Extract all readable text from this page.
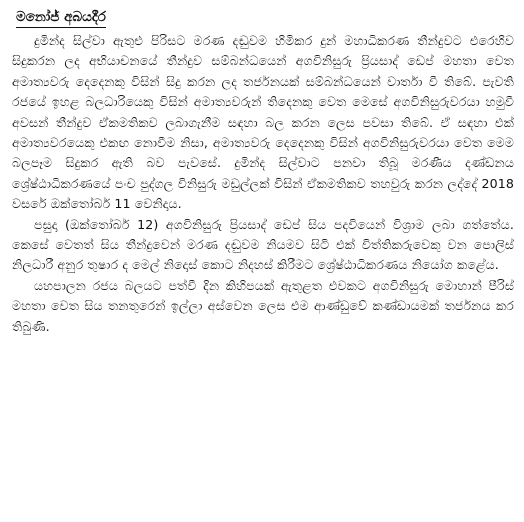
මනෝජ් අබයදීර

දුමින්ද සිල්වා ඇතුළු පිරිසට මරණ දඬුවම හිමිකර දුන් මහාධිකරණ තීන්දුවට එරෙහිව සිදුකරන ලද අභියාචනයේ තීන්දුව සම්බන්ධයෙන් අගවිනිසුරු ප්‍රියසාද් ඩෙප් මහතා වෙත අමාත්‍යවරු දෙදෙනකු විසින් සිදු කරන ලද තර්ජනයක් සම්බන්ධයෙන් වාර්තා වී තිබේ. පැවති රජයේ ඉහළ බලධාරියෙකු විසින් අමාත්‍යවරුන් තිදෙනකු වෙත මෙසේ අගවිනිසුරුවරයා හමුවී අවසන් තීන්දුව ඒකමතිකව ලබාගැනීම සඳහා බල කරන ලෙස පවසා තිබේ. ඒ සඳහා එක් අමාත්‍යවරයෙකු එකඟ නොවීම නිසා, අමාත්‍යවරු දෙදෙනකු විසින් අගවිනිසුරුවරයා වෙත මෙම බලපෑම සිදුකර ඇති බව පැවසේ. දුමින්ද සිල්වාට පනවා තිබූ මරණීය දණ්ඩනය ශ්‍රේෂ්ඨාධිකරණයේ පංච පුද්ගල විනිසුරු මඩුල්ලක් විසින් ඒකමතිකව තහවුරු කරන ලද්දේ 2018 වසරේ ඔක්තෝබර් 11 වෙනිදාය.

පසුදා (ඔක්තෝබර් 12) අගවිනිසුරු ප්‍රියසාද් ඩෙප් සිය පදවියෙන් විශ්‍රාම ලබා ගත්තේය. කෙසේ වෙතත් සිය තීන්දුවෙන් මරණ දඬුවම නියමව සිටි එක් විත්තිකරුවෙකු වන පොලිස් නිලධාරී අනුර තුෂාර ද මෙල් නිදොස් කොට නිදහස් කිරීමට ශ්‍රේෂ්ඨාධිකරණය නියෝග කළේය.

යහපාලන රජය බලයට පත්වී දින කිහිපයක් ඇතුළත එවකට අගවිනිසුරු මොහාන් පීරිස් මහතා වෙත සිය තනතුරෙන් ඉල්ලා අස්වෙන ලෙස එම ආණ්ඩුවේ කණ්ඩායමක් තර්ජනය කර තිබුණි.
